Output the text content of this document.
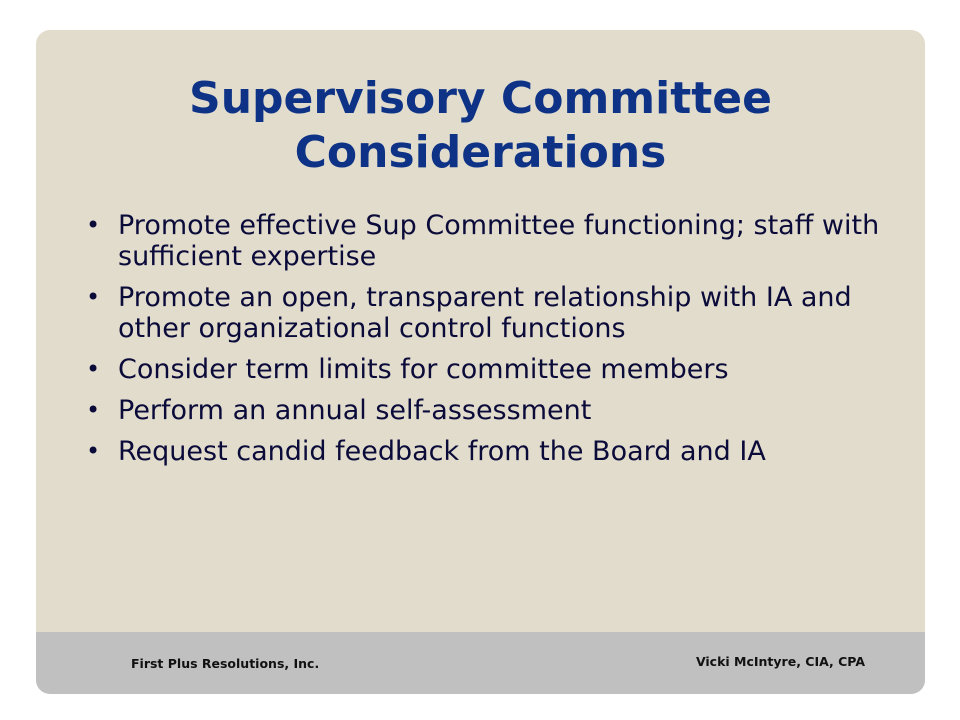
Supervisory Committee Considerations
• Promote effective Sup Committee functioning; staff with sufficient expertise
• Promote an open, transparent relationship with IA and other organizational control functions
• Consider term limits for committee members
• Perform an annual self-assessment
• Request candid feedback from the Board and IA
First Plus Resolutions, Inc.	Vicki McIntyre, CIA, CPA
